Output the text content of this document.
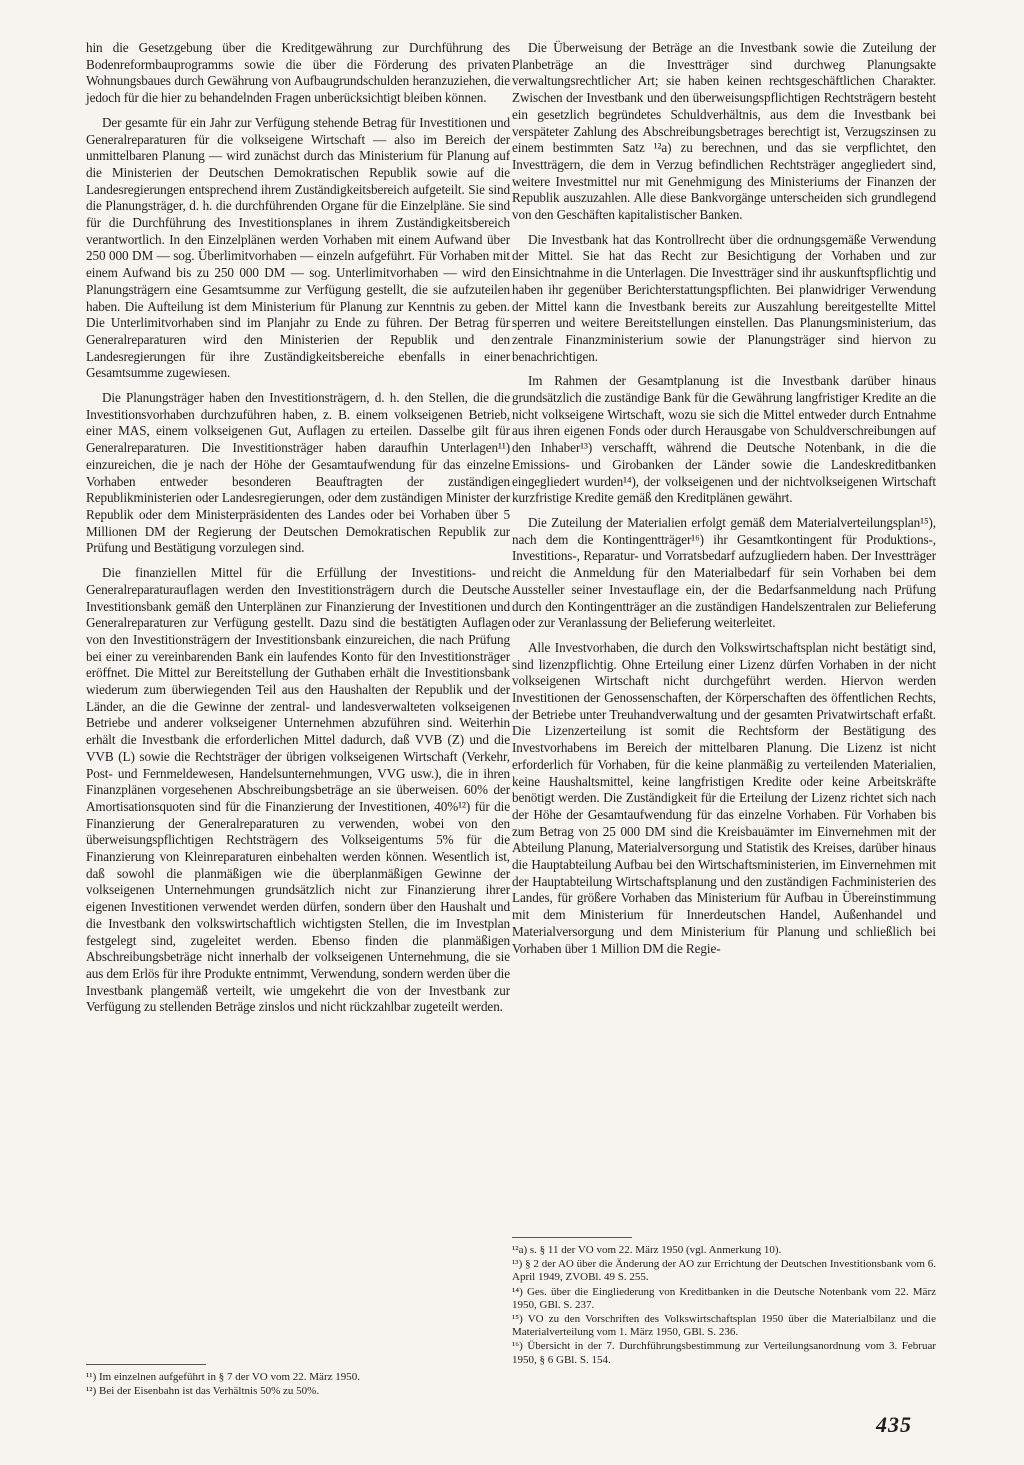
hin die Gesetzgebung über die Kreditgewährung zur Durchführung des Bodenreformbauprogramms sowie die über die Förderung des privaten Wohnungsbaues durch Gewährung von Aufbaugrundschulden heranzuziehen, die jedoch für die hier zu behandelnden Fragen unberücksichtigt bleiben können.

Der gesamte für ein Jahr zur Verfügung stehende Betrag für Investitionen und Generalreparaturen für die volkseigene Wirtschaft — also im Bereich der unmittelbaren Planung — wird zunächst durch das Ministerium für Planung auf die Ministerien der Deutschen Demokratischen Republik sowie auf die Landesregierungen entsprechend ihrem Zuständigkeitsbereich aufgeteilt. Sie sind die Planungsträger, d. h. die durchführenden Organe für die Einzelpläne. Sie sind für die Durchführung des Investitionsplanes in ihrem Zuständigkeitsbereich verantwortlich. In den Einzelplänen werden Vorhaben mit einem Aufwand über 250 000 DM — sog. Überlimitvorhaben — einzeln aufgeführt. Für Vorhaben mit einem Aufwand bis zu 250 000 DM — sog. Unterlimitvorhaben — wird den Planungsträgern eine Gesamtsumme zur Verfügung gestellt, die sie aufzuteilen haben. Die Aufteilung ist dem Ministerium für Planung zur Kenntnis zu geben. Die Unterlimitvorhaben sind im Planjahr zu Ende zu führen. Der Betrag für Generalreparaturen wird den Ministerien der Republik und den Landesregierungen für ihre Zuständigkeitsbereiche ebenfalls in einer Gesamtsumme zugewiesen.

Die Planungsträger haben den Investitionsträgern, d. h. den Stellen, die die Investitionsvorhaben durchzuführen haben, z. B. einem volkseigenen Betrieb, einer MAS, einem volkseigenen Gut, Auflagen zu erteilen. Dasselbe gilt für Generalreparaturen. Die Investitionsträger haben daraufhin Unterlagen¹¹) einzureichen, die je nach der Höhe der Gesamtaufwendung für das einzelne Vorhaben entweder besonderen Beauftragten der zuständigen Republikministerien oder Landesregierungen, oder dem zuständigen Minister der Republik oder dem Ministerpräsidenten des Landes oder bei Vorhaben über 5 Millionen DM der Regierung der Deutschen Demokratischen Republik zur Prüfung und Bestätigung vorzulegen sind.

Die finanziellen Mittel für die Erfüllung der Investitions- und Generalreparaturauflagen werden den Investitionsträgern durch die Deutsche Investitionsbank gemäß den Unterplänen zur Finanzierung der Investitionen und Generalreparaturen zur Verfügung gestellt. Dazu sind die bestätigten Auflagen von den Investitionsträgern der Investitionsbank einzureichen, die nach Prüfung bei einer zu vereinbarenden Bank ein laufendes Konto für den Investitionsträger eröffnet. Die Mittel zur Bereitstellung der Guthaben erhält die Investitionsbank wiederum zum überwiegenden Teil aus den Haushalten der Republik und der Länder, an die die Gewinne der zentral- und landesverwalteten volkseigenen Betriebe und anderer volkseigener Unternehmen abzuführen sind. Weiterhin erhält die Investbank die erforderlichen Mittel dadurch, daß VVB (Z) und die VVB (L) sowie die Rechtsträger der übrigen volkseigenen Wirtschaft (Verkehr, Post- und Fernmeldewesen, Handelsunternehmungen, VVG usw.), die in ihren Finanzplänen vorgesehenen Abschreibungsbeträge an sie überweisen. 60% der Amortisationsquoten sind für die Finanzierung der Investitionen, 40%¹²) für die Finanzierung der Generalreparaturen zu verwenden, wobei von den überweisungspflichtigen Rechtsträgern des Volkseigentums 5% für die Finanzierung von Kleinreparaturen einbehalten werden können. Wesentlich ist, daß sowohl die planmäßigen wie die überplanmäßigen Gewinne der volkseigenen Unternehmungen grundsätzlich nicht zur Finanzierung ihrer eigenen Investitionen verwendet werden dürfen, sondern über den Haushalt und die Investbank den volkswirtschaftlich wichtigsten Stellen, die im Investplan festgelegt sind, zugeleitet werden. Ebenso finden die planmäßigen Abschreibungsbeträge nicht innerhalb der volkseigenen Unternehmung, die sie aus dem Erlös für ihre Produkte entnimmt, Verwendung, sondern werden über die Investbank plangemäß verteilt, wie umgekehrt die von der Investbank zur Verfügung zu stellenden Beträge zinslos und nicht rückzahlbar zugeteilt werden.

¹¹) Im einzelnen aufgeführt in § 7 der VO vom 22. März 1950.

¹²) Bei der Eisenbahn ist das Verhältnis 50% zu 50%.

Die Überweisung der Beträge an die Investbank sowie die Zuteilung der Planbeträge an die Investträger sind durchweg Planungsakte verwaltungsrechtlicher Art; sie haben keinen rechtsgeschäftlichen Charakter. Zwischen der Investbank und den überweisungspflichtigen Rechtsträgern besteht ein gesetzlich begründetes Schuldverhältnis, aus dem die Investbank bei verspäteter Zahlung des Abschreibungsbetrages berechtigt ist, Verzugszinsen zu einem bestimmten Satz ¹²a) zu berechnen, und das sie verpflichtet, den Investträgern, die dem in Verzug befindlichen Rechtsträger angegliedert sind, weitere Investmittel nur mit Genehmigung des Ministeriums der Finanzen der Republik auszuzahlen. Alle diese Bankvorgänge unterscheiden sich grundlegend von den Geschäften kapitalistischer Banken.

Die Investbank hat das Kontrollrecht über die ordnungsgemäße Verwendung der Mittel. Sie hat das Recht zur Besichtigung der Vorhaben und zur Einsichtnahme in die Unterlagen. Die Investträger sind ihr auskunftspflichtig und haben ihr gegenüber Berichterstattungspflichten. Bei planwidriger Verwendung der Mittel kann die Investbank bereits zur Auszahlung bereitgestellte Mittel sperren und weitere Bereitstellungen einstellen. Das Planungsministerium, das zentrale Finanzministerium sowie der Planungsträger sind hiervon zu benachrichtigen.

Im Rahmen der Gesamtplanung ist die Investbank darüber hinaus grundsätzlich die zuständige Bank für die Gewährung langfristiger Kredite an die nicht volkseigene Wirtschaft, wozu sie sich die Mittel entweder durch Entnahme aus ihren eigenen Fonds oder durch Herausgabe von Schuldverschreibungen auf den Inhaber¹³) verschafft, während die Deutsche Notenbank, in die die Emissions- und Girobanken der Länder sowie die Landeskreditbanken eingegliedert wurden¹⁴), der volkseigenen und der nichtvolkseigenen Wirtschaft kurzfristige Kredite gemäß den Kreditplänen gewährt.

Die Zuteilung der Materialien erfolgt gemäß dem Materialverteilungsplan¹⁵), nach dem die Kontingentträger¹⁶) ihr Gesamtkontingent für Produktions-, Investitions-, Reparatur- und Vorratsbedarf aufzugliedern haben. Der Investträger reicht die Anmeldung für den Materialbedarf für sein Vorhaben bei dem Aussteller seiner Investauflage ein, der die Bedarfsanmeldung nach Prüfung durch den Kontingentträger an die zuständigen Handelszentralen zur Belieferung oder zur Veranlassung der Belieferung weiterleitet.

Alle Investvorhaben, die durch den Volkswirtschaftsplan nicht bestätigt sind, sind lizenzpflichtig. Ohne Erteilung einer Lizenz dürfen Vorhaben in der nicht volkseigenen Wirtschaft nicht durchgeführt werden. Hiervon werden Investitionen der Genossenschaften, der Körperschaften des öffentlichen Rechts, der Betriebe unter Treuhandverwaltung und der gesamten Privatwirtschaft erfaßt. Die Lizenzerteilung ist somit die Rechtsform der Bestätigung des Investvorhabens im Bereich der mittelbaren Planung. Die Lizenz ist nicht erforderlich für Vorhaben, für die keine planmäßig zu verteilenden Materialien, keine Haushaltsmittel, keine langfristigen Kredite oder keine Arbeitskräfte benötigt werden. Die Zuständigkeit für die Erteilung der Lizenz richtet sich nach der Höhe der Gesamtaufwendung für das einzelne Vorhaben. Für Vorhaben bis zum Betrag von 25 000 DM sind die Kreisbauämter im Einvernehmen mit der Abteilung Planung, Materialversorgung und Statistik des Kreises, darüber hinaus die Hauptabteilung Aufbau bei den Wirtschaftsministerien, im Einvernehmen mit der Hauptabteilung Wirtschaftsplanung und den zuständigen Fachministerien des Landes, für größere Vorhaben das Ministerium für Aufbau in Übereinstimmung mit dem Ministerium für Innerdeutschen Handel, Außenhandel und Materialversorgung und dem Ministerium für Planung und schließlich bei Vorhaben über 1 Million DM die Regie-

¹²a) s. § 11 der VO vom 22. März 1950 (vgl. Anmerkung 10).

¹³) § 2 der AO über die Änderung der AO zur Errichtung der Deutschen Investitionsbank vom 6. April 1949, ZVOBl. 49 S. 255.

¹⁴) Ges. über die Eingliederung von Kreditbanken in die Deutsche Notenbank vom 22. März 1950, GBl. S. 237.

¹⁵) VO zu den Vorschriften des Volkswirtschaftsplan 1950 über die Materialbilanz und die Materialverteilung vom 1. März 1950, GBl. S. 236.

¹⁶) Übersicht in der 7. Durchführungsbestimmung zur Verteilungsanordnung vom 3. Februar 1950, § 6 GBl. S. 154.

435
